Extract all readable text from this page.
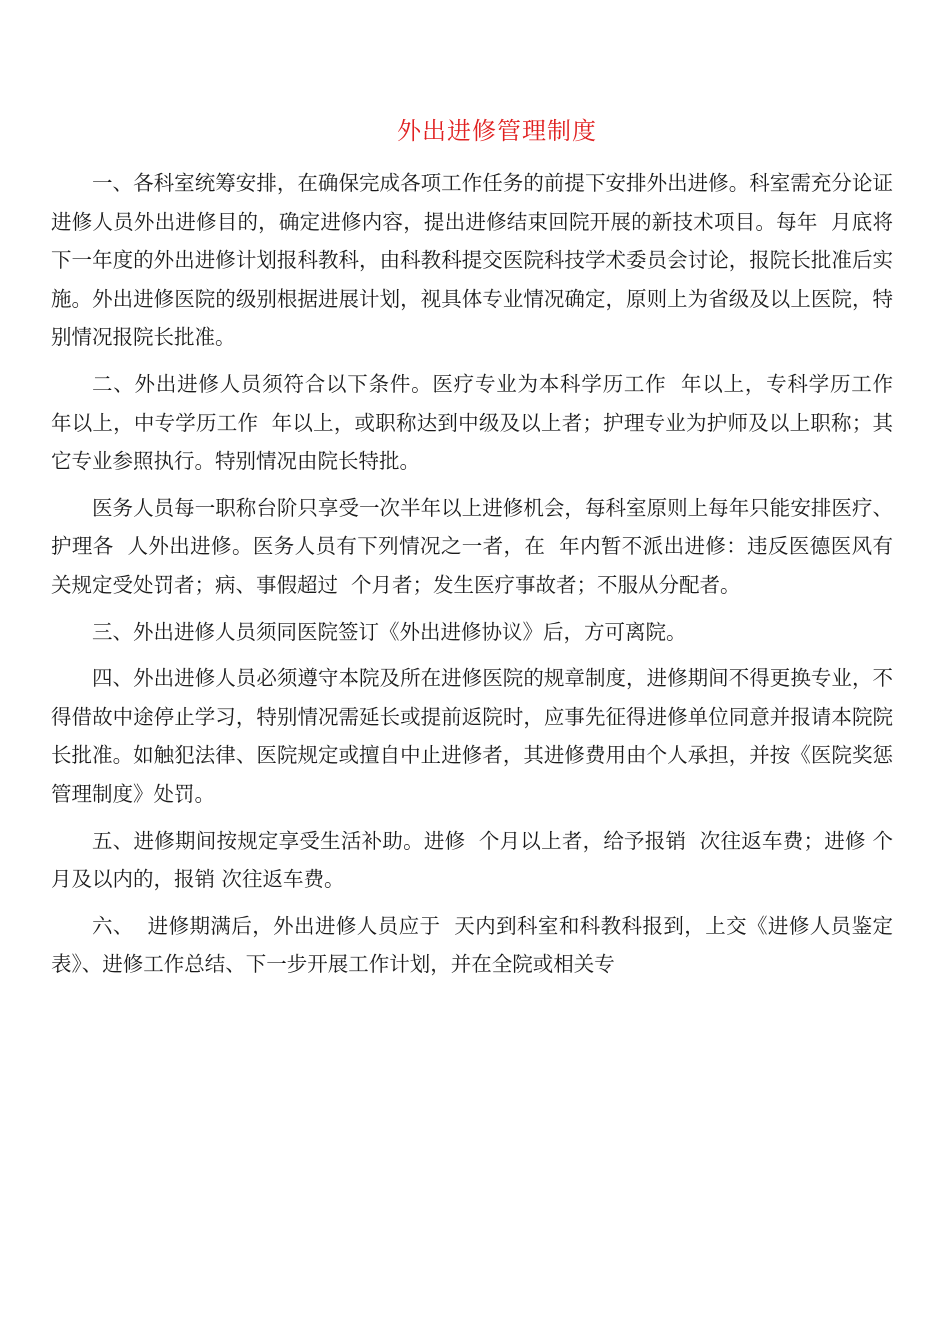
外出进修管理制度

一、各科室统筹安排，在确保完成各项工作任务的前提下安排外出进修。科室需充分论证进修人员外出进修目的，确定进修内容，提出进修结束回院开展的新技术项目。每年  月底将下一年度的外出进修计划报科教科，由科教科提交医院科技学术委员会讨论，报院长批准后实施。外出进修医院的级别根据进展计划，视具体专业情况确定，原则上为省级及以上医院，特别情况报院长批准。

二、外出进修人员须符合以下条件。医疗专业为本科学历工作  年以上，专科学历工作  年以上，中专学历工作  年以上，或职称达到中级及以上者；护理专业为护师及以上职称；其它专业参照执行。特别情况由院长特批。

医务人员每一职称台阶只享受一次半年以上进修机会，每科室原则上每年只能安排医疗、护理各  人外出进修。医务人员有下列情况之一者，在  年内暂不派出进修：违反医德医风有关规定受处罚者；病、事假超过  个月者；发生医疗事故者；不服从分配者。

三、外出进修人员须同医院签订《外出进修协议》后，方可离院。

四、外出进修人员必须遵守本院及所在进修医院的规章制度，进修期间不得更换专业，不得借故中途停止学习，特别情况需延长或提前返院时，应事先征得进修单位同意并报请本院院长批准。如触犯法律、医院规定或擅自中止进修者，其进修费用由个人承担，并按《医院奖惩管理制度》处罚。

五、进修期间按规定享受生活补助。进修  个月以上者，给予报销  次往返车费；进修 个月及以内的，报销 次往返车费。

六、  进修期满后，外出进修人员应于  天内到科室和科教科报到，上交《进修人员鉴定表》、进修工作总结、下一步开展工作计划，并在全院或相关专
